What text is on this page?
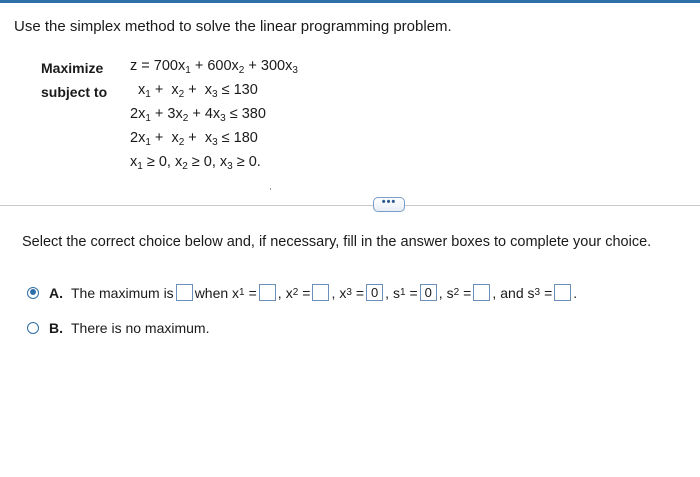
Use the simplex method to solve the linear programming problem.
Maximize
subject to
$z = 700x_1 + 600x_2 + 300x_3$
$x_1 + x_2 + x_3 \le 130$
$2x_1 + 3x_2 + 4x_3 \le 380$
$2x_1 + x_2 + x_3 \le 180$
$x_1 \ge 0$, $x_2 \ge 0$, $x_3 \ge 0$.
•••
Select the correct choice below and, if necessary, fill in the answer boxes to complete your choice.
A. The maximum is when x 1 = , x 2 = , x 3 = 0 , s 1 = 0 , s 2 = , and s 3 = .
B. There is no maximum.
